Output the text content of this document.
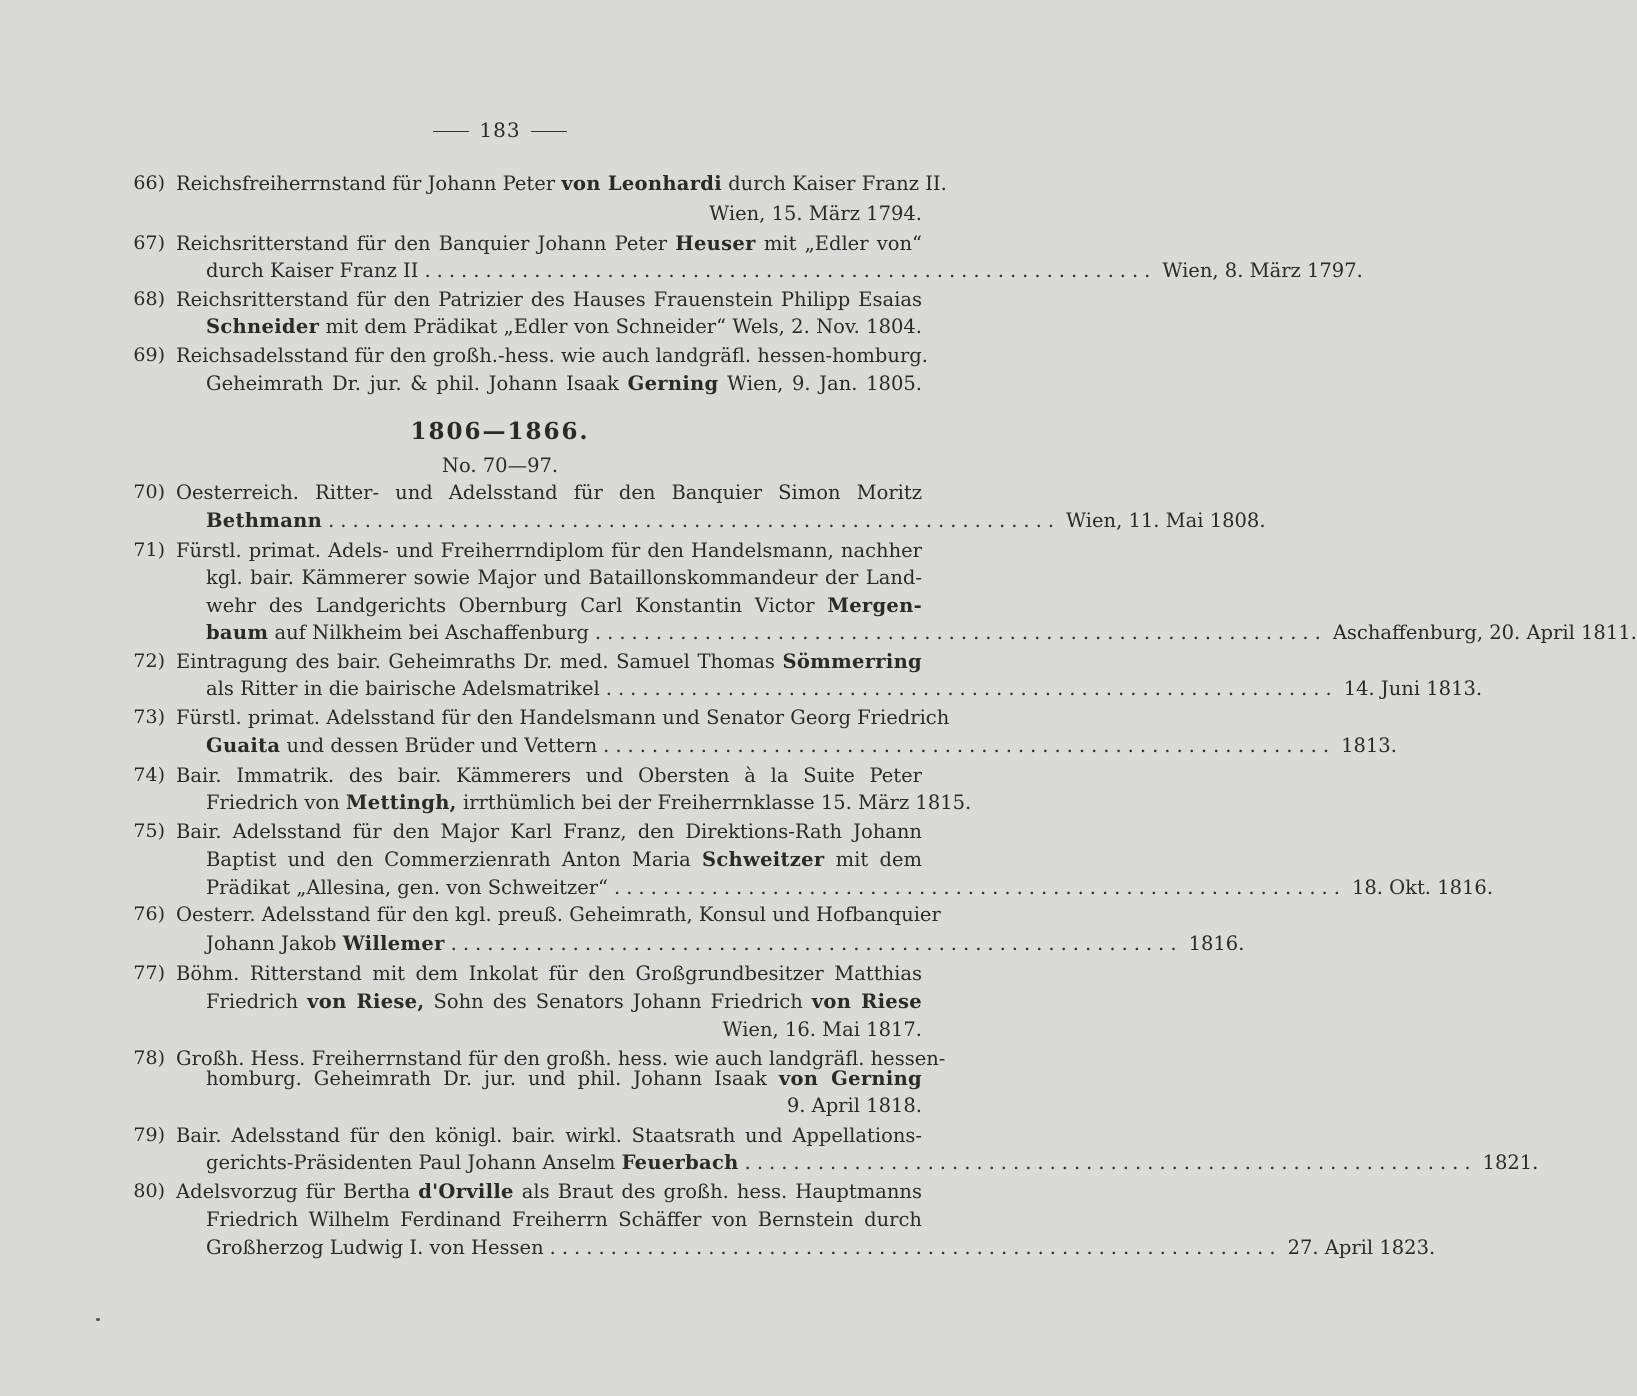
183
66) Reichsfreiherrnstand für Johann Peter von Leonhardi durch Kaiser Franz II.
Wien, 15. März 1794.
67) Reichsritterstand für den Banquier Johann Peter Heuser mit „Edler von“
durch Kaiser Franz II ............................................................ Wien, 8. März 1797.
68) Reichsritterstand für den Patrizier des Hauses Frauenstein Philipp Esaias
Schneider mit dem Prädikat „Edler von Schneider“ Wels, 2. Nov. 1804.
69) Reichsadelsstand für den großh.-hess. wie auch landgräfl. hessen-homburg.
Geheimrath Dr. jur. & phil. Johann Isaak Gerning Wien, 9. Jan. 1805.
70) Oesterreich. Ritter- und Adelsstand für den Banquier Simon Moritz
Bethmann ............................................................ Wien, 11. Mai 1808.
71) Fürstl. primat. Adels- und Freiherrndiplom für den Handelsmann, nachher
kgl. bair. Kämmerer sowie Major und Bataillonskommandeur der Land-
wehr des Landgerichts Obernburg Carl Konstantin Victor Mergen-
baum auf Nilkheim bei Aschaffenburg ............................................................ Aschaffenburg, 20. April 1811.
72) Eintragung des bair. Geheimraths Dr. med. Samuel Thomas Sömmerring
als Ritter in die bairische Adelsmatrikel ............................................................ 14. Juni 1813.
73) Fürstl. primat. Adelsstand für den Handelsmann und Senator Georg Friedrich
Guaita und dessen Brüder und Vettern ............................................................ 1813.
74) Bair. Immatrik. des bair. Kämmerers und Obersten à la Suite Peter
Friedrich von Mettingh, irrthümlich bei der Freiherrnklasse 15. März 1815.
75) Bair. Adelsstand für den Major Karl Franz, den Direktions-Rath Johann
Baptist und den Commerzienrath Anton Maria Schweitzer mit dem
Prädikat „Allesina, gen. von Schweitzer“ ............................................................ 18. Okt. 1816.
76) Oesterr. Adelsstand für den kgl. preuß. Geheimrath, Konsul und Hofbanquier
Johann Jakob Willemer ............................................................ 1816.
77) Böhm. Ritterstand mit dem Inkolat für den Großgrundbesitzer Matthias
Friedrich von Riese, Sohn des Senators Johann Friedrich von Riese
Wien, 16. Mai 1817.
78) Großh. Hess. Freiherrnstand für den großh. hess. wie auch landgräfl. hessen-
homburg. Geheimrath Dr. jur. und phil. Johann Isaak von Gerning
9. April 1818.
79) Bair. Adelsstand für den königl. bair. wirkl. Staatsrath und Appellations-
gerichts-Präsidenten Paul Johann Anselm Feuerbach ............................................................ 1821.
80) Adelsvorzug für Bertha d'Orville als Braut des großh. hess. Hauptmanns
Friedrich Wilhelm Ferdinand Freiherrn Schäffer von Bernstein durch
Großherzog Ludwig I. von Hessen ............................................................ 27. April 1823.
1806—1866.
No. 70—97.
